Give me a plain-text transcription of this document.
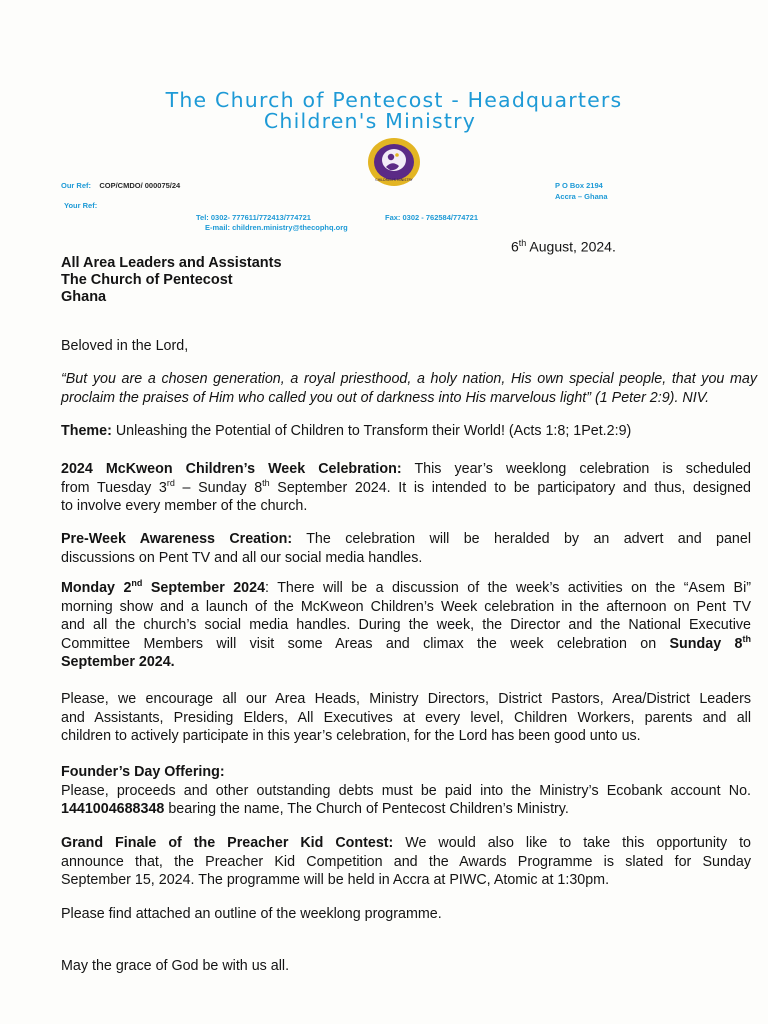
The Church of Pentecost - Headquarters
Children's Ministry
CHILDREN'S MINISTRY
Our Ref: COP/CMDO/ 000075/24
Your Ref:
P O Box 2194
Accra – Ghana
Tel: 0302- 777611/772413/774721	Fax: 0302 - 762584/774721
E-mail: children.ministry@thecophq.org
6th August, 2024.
All Area Leaders and Assistants
The Church of Pentecost
Ghana
Beloved in the Lord,
“But you are a chosen generation, a royal priesthood, a holy nation, His own special people, that you may
proclaim the praises of Him who called you out of darkness into His marvelous light” (1 Peter 2:9). NIV.
Theme: Unleashing the Potential of Children to Transform their World! (Acts 1:8; 1Pet.2:9)
2024 McKweon Children’s Week Celebration: This year’s weeklong celebration is scheduled
from Tuesday 3rd – Sunday 8th September 2024. It is intended to be participatory and thus, designed
to involve every member of the church.
Pre-Week Awareness Creation: The celebration will be heralded by an advert and panel
discussions on Pent TV and all our social media handles.
Monday 2nd September 2024: There will be a discussion of the week’s activities on the “Asem Bi”
morning show and a launch of the McKweon Children’s Week celebration in the afternoon on Pent TV
and all the church’s social media handles. During the week, the Director and the National Executive
Committee Members will visit some Areas and climax the week celebration on Sunday 8th
September 2024.
Please, we encourage all our Area Heads, Ministry Directors, District Pastors, Area/District Leaders
and Assistants, Presiding Elders, All Executives at every level, Children Workers, parents and all
children to actively participate in this year’s celebration, for the Lord has been good unto us.
Founder’s Day Offering:
Please, proceeds and other outstanding debts must be paid into the Ministry’s Ecobank account No.
1441004688348 bearing the name, The Church of Pentecost Children’s Ministry.
Grand Finale of the Preacher Kid Contest: We would also like to take this opportunity to
announce that, the Preacher Kid Competition and the Awards Programme is slated for Sunday
September 15, 2024. The programme will be held in Accra at PIWC, Atomic at 1:30pm.
Please find attached an outline of the weeklong programme.
May the grace of God be with us all.
